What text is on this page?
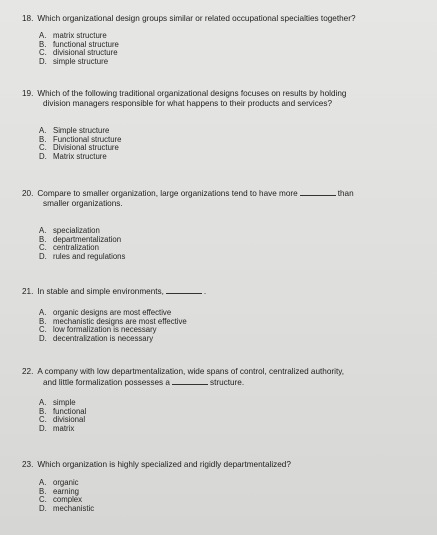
18. Which organizational design groups similar or related occupational specialties together?
A. matrix structure
B. functional structure
C. divisional structure
D. simple structure
19. Which of the following traditional organizational designs focuses on results by holding
division managers responsible for what happens to their products and services?
A. Simple structure
B. Functional structure
C. Divisional structure
D. Matrix structure
20. Compare to smaller organization, large organizations tend to have more	than
smaller organizations.
A. specialization
B. departmentalization
C. centralization
D. rules and regulations
21. In stable and simple environments,	.
A. organic designs are most effective
B. mechanistic designs are most effective
C. low formalization is necessary
D. decentralization is necessary
22. A company with low departmentalization, wide spans of control, centralized authority,
and little formalization possesses a	structure.
A. simple
B. functional
C. divisional
D. matrix
23. Which organization is highly specialized and rigidly departmentalized?
A. organic
B. earning
C. complex
D. mechanistic
